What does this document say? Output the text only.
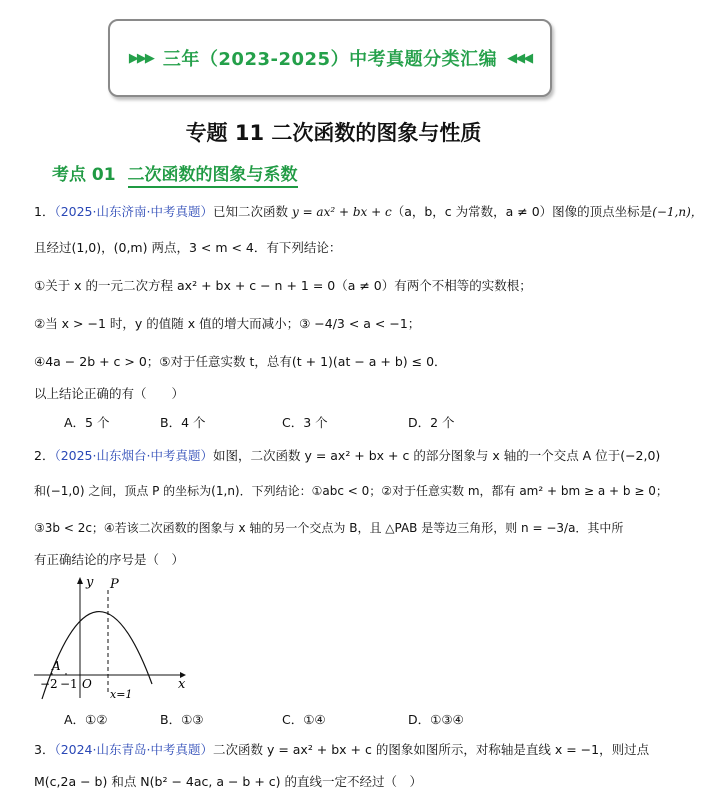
▶▶▶ 三年（2023-2025）中考真题分类汇编 ◀◀◀
专题 11 二次函数的图象与性质
考点 01 二次函数的图象与系数
1．（2025·山东济南·中考真题）已知二次函数 y = ax² + bx + c（a，b，c 为常数，a ≠ 0）图像的顶点坐标是(−1,n)，
且经过(1,0)，(0,m) 两点，3 < m < 4．有下列结论：
①关于 x 的一元二次方程 ax² + bx + c − n + 1 = 0（a ≠ 0）有两个不相等的实数根；
②当 x > −1 时，y 的值随 x 值的增大而减小；③ −4/3 < a < −1；
④4a − 2b + c > 0；⑤对于任意实数 t，总有(t + 1)(at − a + b) ≤ 0．
以上结论正确的有（　　）
A．5 个	B．4 个	C．3 个	D．2 个
2．（2025·山东烟台·中考真题）如图，二次函数 y = ax² + bx + c 的部分图象与 x 轴的一个交点 A 位于(−2,0)
和(−1,0) 之间，顶点 P 的坐标为(1,n)．下列结论：①abc < 0；②对于任意实数 m，都有 am² + bm ≥ a + b ≥ 0；
③3b < 2c；④若该二次函数的图象与 x 轴的另一个交点为 B，且 △PAB 是等边三角形，则 n = −3/a．其中所
有正确结论的序号是（　）
y
x
P
A
O
−2 −1
x=1
A．①②	B．①③	C．①④	D．①③④
3．（2024·山东青岛·中考真题）二次函数 y = ax² + bx + c 的图象如图所示，对称轴是直线 x = −1，则过点
M(c,2a − b) 和点 N(b² − 4ac, a − b + c) 的直线一定不经过（　）
